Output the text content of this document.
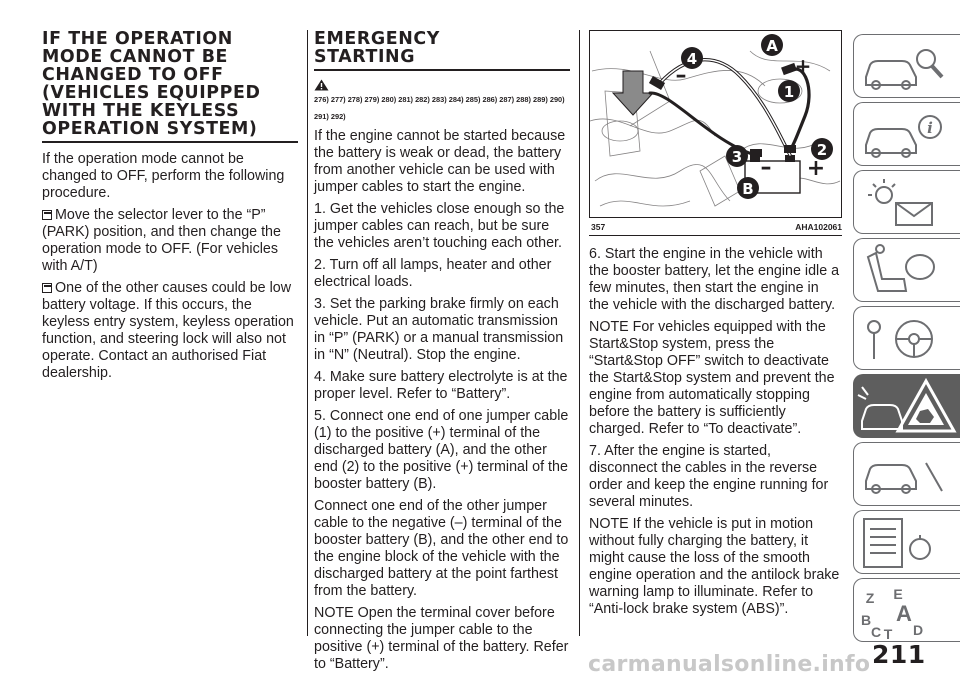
IF THE OPERATION MODE CANNOT BE CHANGED TO OFF (VEHICLES EQUIPPED WITH THE KEYLESS OPERATION SYSTEM)

If the operation mode cannot be changed to OFF, perform the following procedure.

Move the selector lever to the “P” (PARK) position, and then change the operation mode to OFF. (For vehicles with A/T)

One of the other causes could be low battery voltage. If this occurs, the keyless entry system, keyless operation function, and steering lock will also not operate. Contact an authorised Fiat dealership.

EMERGENCY STARTING
276) 277) 278) 279) 280) 281) 282) 283) 284) 285) 286) 287) 288) 289) 290) 291) 292)

If the engine cannot be started because the battery is weak or dead, the battery from another vehicle can be used with jumper cables to start the engine.

1. Get the vehicles close enough so the jumper cables can reach, but be sure the vehicles aren’t touching each other.

2. Turn off all lamps, heater and other electrical loads.

3. Set the parking brake firmly on each vehicle. Put an automatic transmission in “P” (PARK) or a manual transmission in “N” (Neutral). Stop the engine.

4. Make sure battery electrolyte is at the proper level. Refer to “Battery”.

5. Connect one end of one jumper cable (1) to the positive (+) terminal of the discharged battery (A), and the other end (2) to the positive (+) terminal of the booster battery (B).

Connect one end of the other jumper cable to the negative (–) terminal of the booster battery (B), and the other end to the engine block of the vehicle with the discharged battery at the point farthest from the battery.

NOTE Open the terminal cover before connecting the jumper cable to the positive (+) terminal of the battery. Refer to “Battery”.

4
A
1
2
3
B
–	+
– +
357	AHA102061

6. Start the engine in the vehicle with the booster battery, let the engine idle a few minutes, then start the engine in the vehicle with the discharged battery.

NOTE For vehicles equipped with the Start&Stop system, press the “Start&Stop OFF” switch to deactivate the Start&Stop system and prevent the engine from automatically stopping before the battery is sufficiently charged. Refer to “To deactivate”.

7. After the engine is started, disconnect the cables in the reverse order and keep the engine running for several minutes.

NOTE If the vehicle is put in motion without fully charging the battery, it might cause the loss of the smooth engine operation and the antilock brake warning lamp to illuminate. Refer to “Anti-lock brake system (ABS)”.

i
Z E
A
B
C T D
211
carmanualsonline.info
